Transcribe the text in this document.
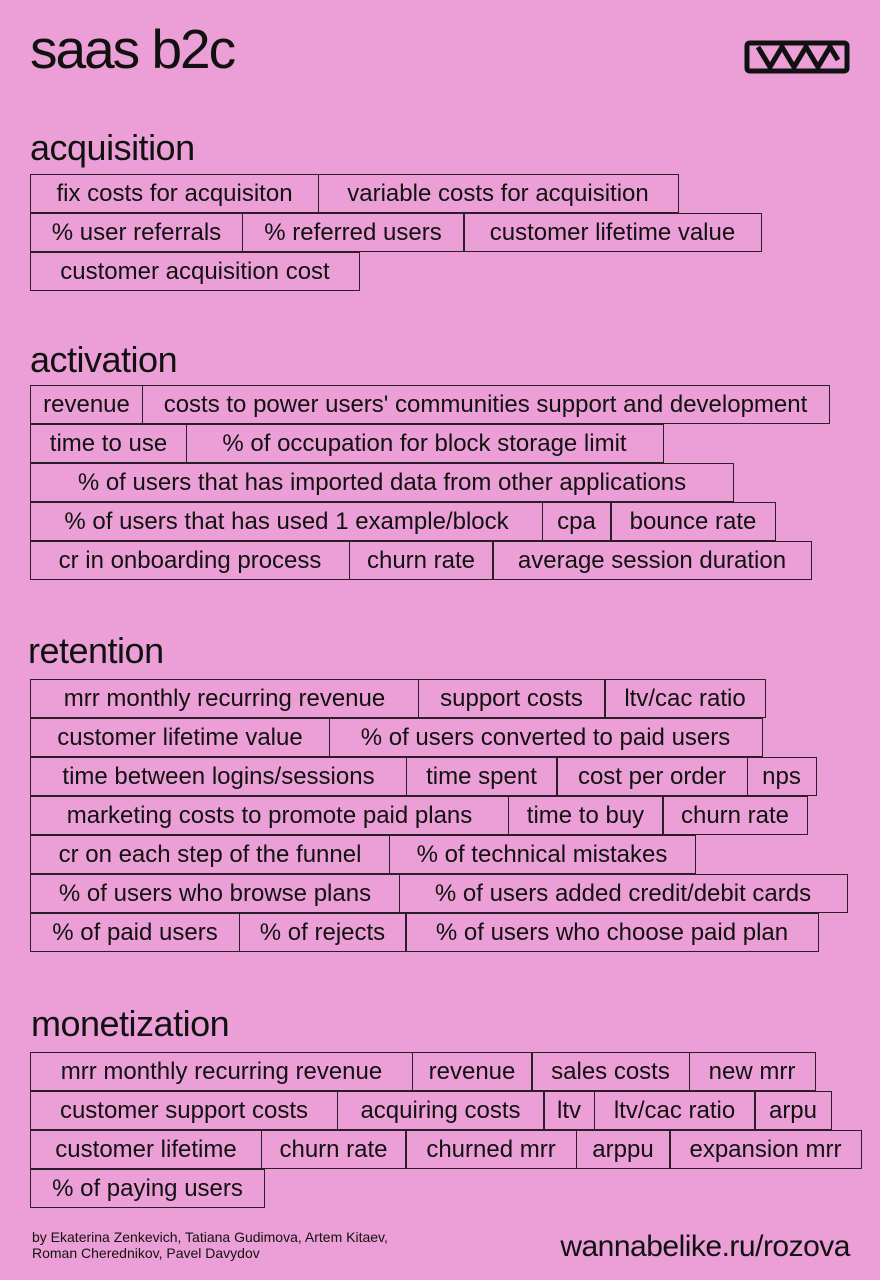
saas b2c
acquisition
fix costs for acquisiton	variable costs for acquisition
% user referrals	% referred users	customer lifetime value
customer acquisition cost
activation
revenue	costs to power users' communities support and development
time to use	% of occupation for block storage limit
% of users that has imported data from other applications
% of users that has used 1 example/block	cpa	bounce rate
cr in onboarding process	churn rate	average session duration
retention
mrr monthly recurring revenue	support costs	ltv/cac ratio
customer lifetime value	% of users converted to paid users
time between logins/sessions	time spent	cost per order	nps
marketing costs to promote paid plans	time to buy	churn rate
cr on each step of the funnel	% of technical mistakes
% of users who browse plans	% of users added credit/debit cards
% of paid users	% of rejects	% of users who choose paid plan
monetization
mrr monthly recurring revenue	revenue	sales costs	new mrr
customer support costs	acquiring costs	ltv	ltv/cac ratio	arpu
customer lifetime	churn rate	churned mrr	arppu	expansion mrr
% of paying users
by Ekaterina Zenkevich, Tatiana Gudimova, Artem Kitaev,
Roman Cherednikov, Pavel Davydov	wannabelike.ru/rozova
